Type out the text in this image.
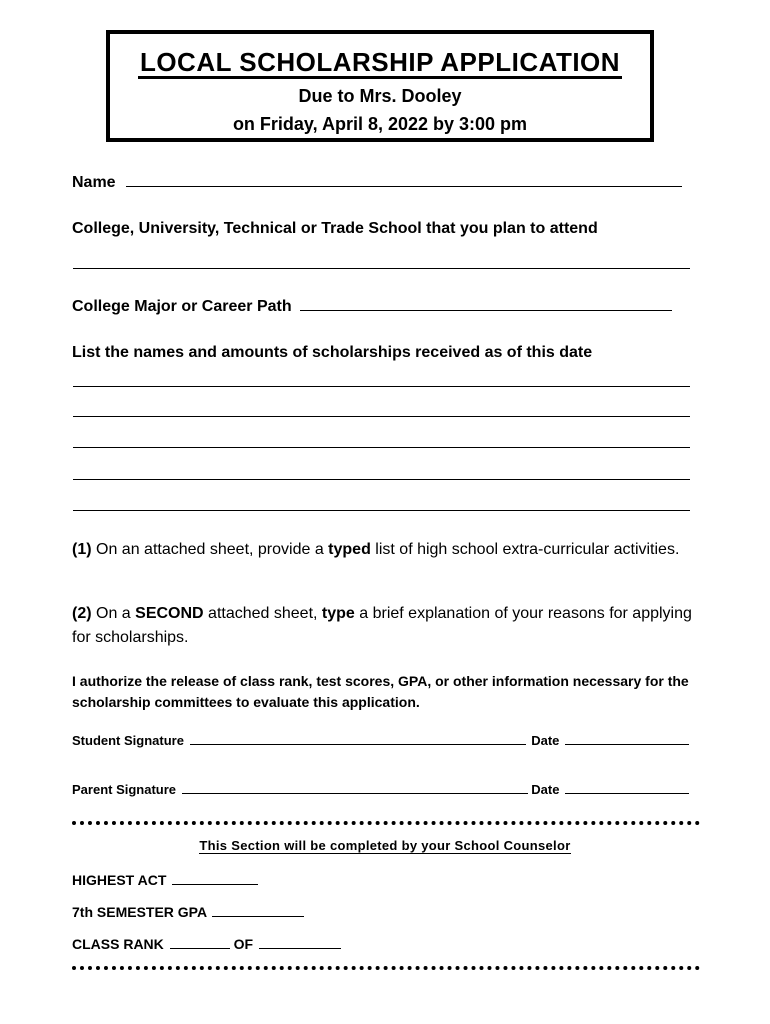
LOCAL SCHOLARSHIP APPLICATION
Due to Mrs. Dooley
on Friday, April 8, 2022 by 3:00 pm
Name
College, University, Technical or Trade School that you plan to attend
College Major or Career Path
List the names and amounts of scholarships received as of this date
(1) On an attached sheet, provide a typed list of high school extra-curricular activities.
(2) On a SECOND attached sheet, type a brief explanation of your reasons for applying for scholarships.
I authorize the release of class rank, test scores, GPA, or other information necessary for the scholarship committees to evaluate this application.
Student Signature	Date
Parent Signature	Date
This Section will be completed by your School Counselor
HIGHEST ACT
7th SEMESTER GPA
CLASS RANK	OF
